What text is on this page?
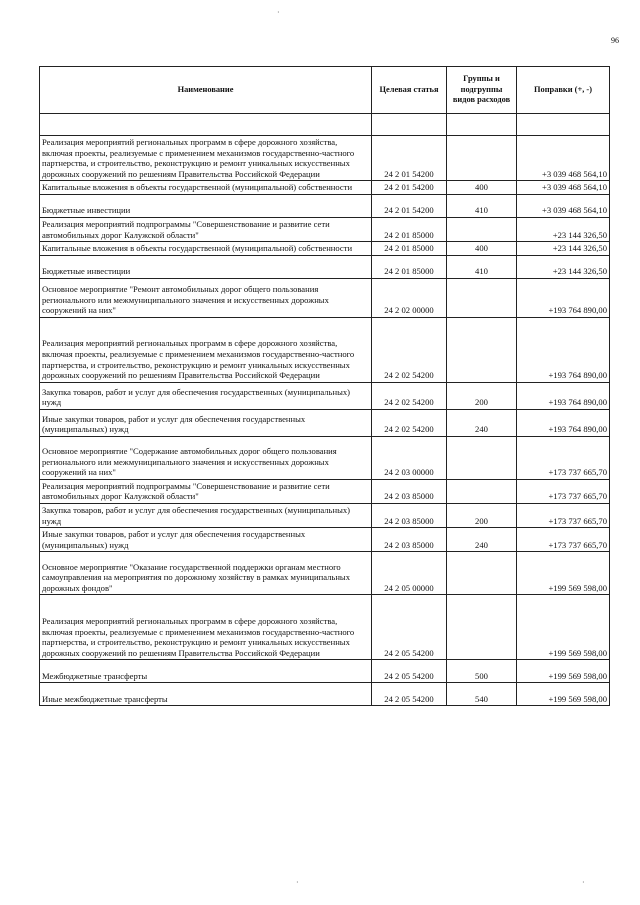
96
·
·	·
Наименование	Целевая статья	Группы и подгруппы видов расходов	Поправки (+, -)

Реализация мероприятий региональных программ в сфере дорожного хозяйства, включая проекты, реализуемые с применением механизмов государственно-частного партнерства, и строительство, реконструкцию и ремонт уникальных искусственных дорожных сооружений по решениям Правительства Российской Федерации	24 2 01 54200		+3 039 468 564,10
Капитальные вложения в объекты государственной (муниципальной) собственности	24 2 01 54200	400	+3 039 468 564,10
Бюджетные инвестиции	24 2 01 54200	410	+3 039 468 564,10
Реализация мероприятий подпрограммы "Совершенствование и развитие сети автомобильных дорог Калужской области"	24 2 01 85000		+23 144 326,50
Капитальные вложения в объекты государственной (муниципальной) собственности	24 2 01 85000	400	+23 144 326,50
Бюджетные инвестиции	24 2 01 85000	410	+23 144 326,50
Основное мероприятие "Ремонт автомобильных дорог общего пользования регионального или межмуниципального значения и искусственных дорожных сооружений на них"	24 2 02 00000		+193 764 890,00
Реализация мероприятий региональных программ в сфере дорожного хозяйства, включая проекты, реализуемые с применением механизмов государственно-частного партнерства, и строительство, реконструкцию и ремонт уникальных искусственных дорожных сооружений по решениям Правительства Российской Федерации	24 2 02 54200		+193 764 890,00
Закупка товаров, работ и услуг для обеспечения государственных (муниципальных) нужд	24 2 02 54200	200	+193 764 890,00
Иные закупки товаров, работ и услуг для обеспечения государственных (муниципальных) нужд	24 2 02 54200	240	+193 764 890,00
Основное мероприятие "Содержание автомобильных дорог общего пользования регионального или межмуниципального значения и искусственных дорожных сооружений на них"	24 2 03 00000		+173 737 665,70
Реализация мероприятий подпрограммы "Совершенствование и развитие сети автомобильных дорог Калужской области"	24 2 03 85000		+173 737 665,70
Закупка товаров, работ и услуг для обеспечения государственных (муниципальных) нужд	24 2 03 85000	200	+173 737 665,70
Иные закупки товаров, работ и услуг для обеспечения государственных (муниципальных) нужд	24 2 03 85000	240	+173 737 665,70
Основное мероприятие "Оказание государственной поддержки органам местного самоуправления на мероприятия по дорожному хозяйству в рамках муниципальных дорожных фондов"	24 2 05 00000		+199 569 598,00
Реализация мероприятий региональных программ в сфере дорожного хозяйства, включая проекты, реализуемые с применением механизмов государственно-частного партнерства, и строительство, реконструкцию и ремонт уникальных искусственных дорожных сооружений по решениям Правительства Российской Федерации	24 2 05 54200		+199 569 598,00
Межбюджетные трансферты	24 2 05 54200	500	+199 569 598,00
Иные межбюджетные трансферты	24 2 05 54200	540	+199 569 598,00
